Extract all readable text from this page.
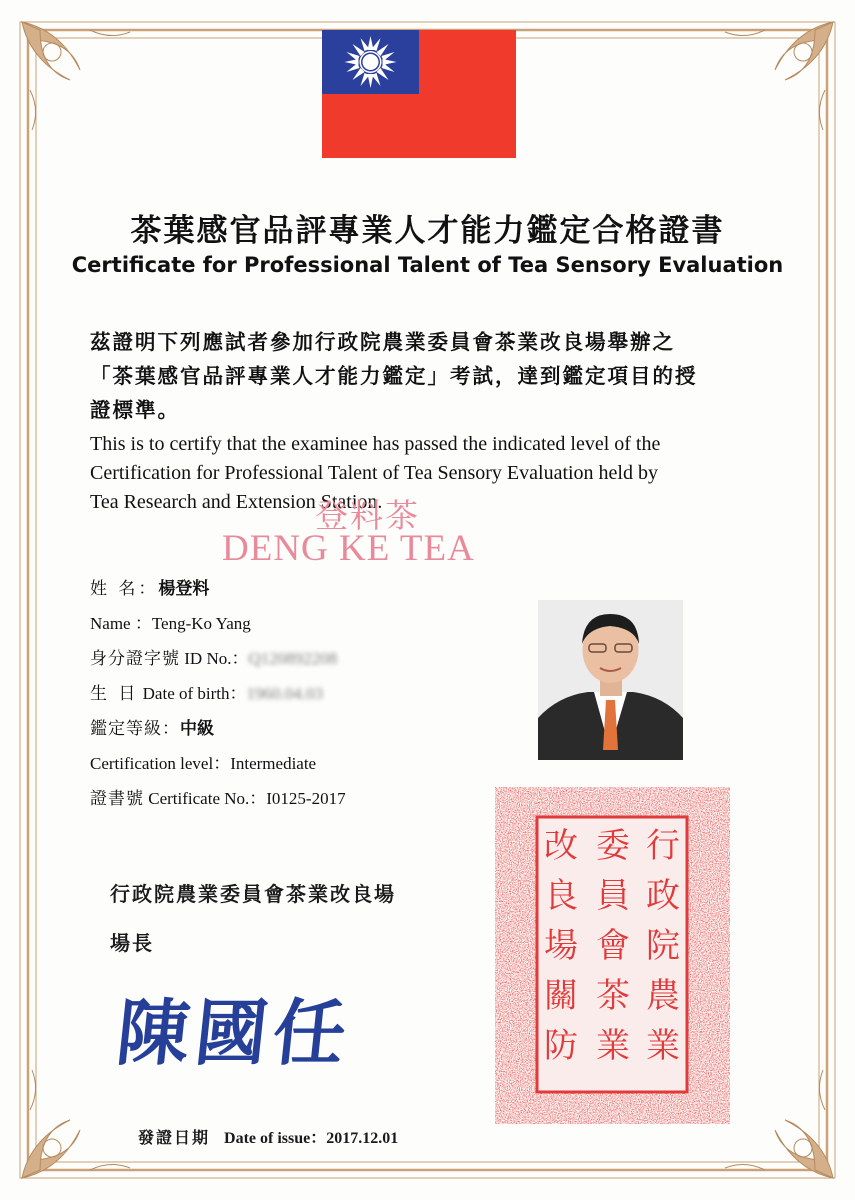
茶葉感官品評專業人才能力鑑定合格證書
Certificate for Professional Talent of Tea Sensory Evaluation
茲證明下列應試者參加行政院農業委員會茶業改良場舉辦之
「茶葉感官品評專業人才能力鑑定」考試，達到鑑定項目的授
證標準。
This is to certify that the examinee has passed the indicated level of the
Certification for Professional Talent of Tea Sensory Evaluation held by
Tea Research and Extension Station.
登料茶
DENG KE TEA
姓 名：楊登料
Name ：Teng-Ko Yang
身分證字號 ID No.：Q120892208
生 日 Date of birth：1960.04.03
鑑定等級：中級
Certification level：Intermediate
證書號 Certificate No.：I0125-2017
行
政
院
農
業
委
員
會
茶
業
改
良
場
關
防
行政院農業委員會茶業改良場
場長
陳國任
發證日期 Date of issue：2017.12.01
